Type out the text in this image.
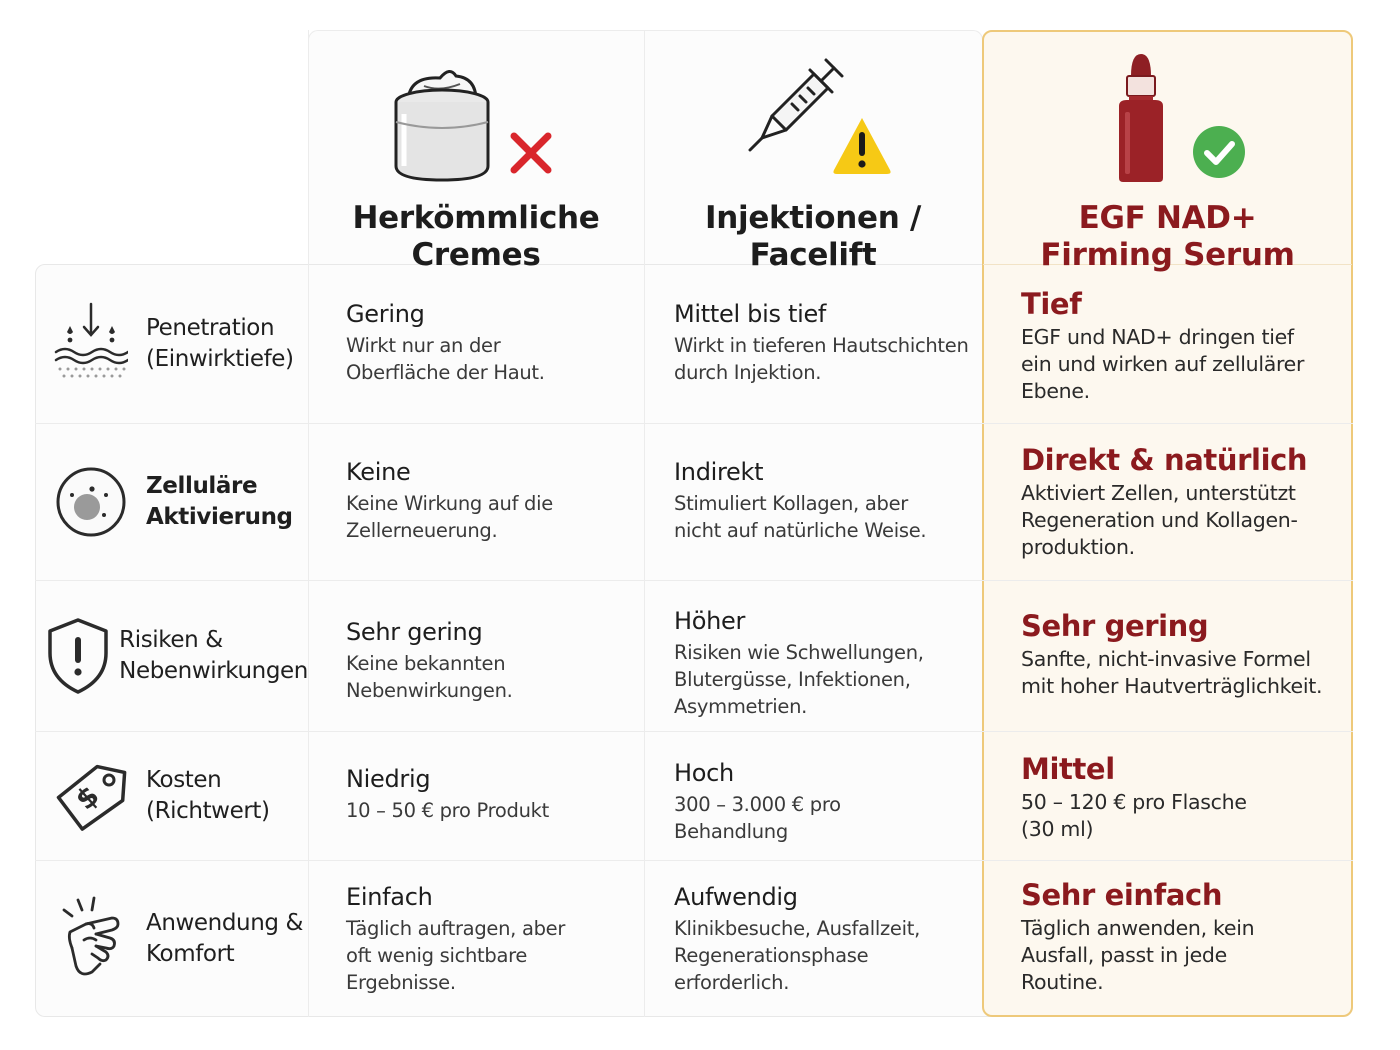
Herkömmliche
Cremes
Injektionen /
Facelift
EGF NAD+
Firming Serum
Penetration
(Einwirktiefe)
Gering
Wirkt nur an der
Oberfläche der Haut.
Mittel bis tief
Wirkt in tieferen Hautschichten
durch Injektion.
Tief
EGF und NAD+ dringen tief
ein und wirken auf zellulärer
Ebene.
Zelluläre
Aktivierung
Keine
Keine Wirkung auf die
Zellerneuerung.
Indirekt
Stimuliert Kollagen, aber
nicht auf natürliche Weise.
Direkt & natürlich
Aktiviert Zellen, unterstützt
Regeneration und Kollagen-
produktion.
Risiken &
Nebenwirkungen
Sehr gering
Keine bekannten
Nebenwirkungen.
Höher
Risiken wie Schwellungen,
Blutergüsse, Infektionen,
Asymmetrien.
Sehr gering
Sanfte, nicht-invasive Formel
mit hoher Hautverträglichkeit.
$ Kosten
(Richtwert)
Niedrig
10 – 50 € pro Produkt
Hoch
300 – 3.000 € pro
Behandlung
Mittel
50 – 120 € pro Flasche
(30 ml)
Anwendung &
Komfort
Einfach
Täglich auftragen, aber
oft wenig sichtbare
Ergebnisse.
Aufwendig
Klinikbesuche, Ausfallzeit,
Regenerationsphase
erforderlich.
Sehr einfach
Täglich anwenden, kein
Ausfall, passt in jede
Routine.
